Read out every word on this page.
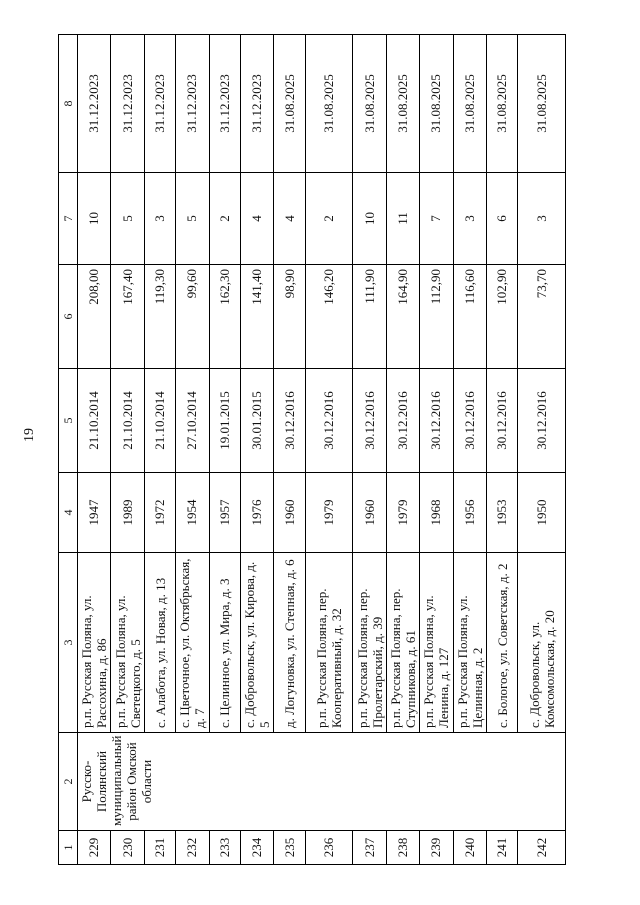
19
1	2	3	4	5	6	7	8
229	Русско-Полянский муниципальный район Омской области	р.п. Русская Поляна, ул. Рассохина, д. 86	1947	21.10.2014	208,00	10	31.12.2023
230		р.п. Русская Поляна, ул. Светецкого, д. 5	1989	21.10.2014	167,40	5	31.12.2023
231		с. Алабота, ул. Новая, д. 13	1972	21.10.2014	119,30	3	31.12.2023
232		с. Цветочное, ул. Октябрьская, д. 7	1954	27.10.2014	99,60	5	31.12.2023
233		с. Целинное, ул. Мира, д. 3	1957	19.01.2015	162,30	2	31.12.2023
234		с. Добровольск, ул. Кирова, д. 5	1976	30.01.2015	141,40	4	31.12.2023
235		д. Логуновка, ул. Степная, д. 6	1960	30.12.2016	98,90	4	31.08.2025
236		р.п. Русская Поляна, пер. Кооперативный, д. 32	1979	30.12.2016	146,20	2	31.08.2025
237		р.п. Русская Поляна, пер. Пролетарский, д. 39	1960	30.12.2016	111,90	10	31.08.2025
238		р.п. Русская Поляна, пер. Ступникова, д. 61	1979	30.12.2016	164,90	11	31.08.2025
239		р.п. Русская Поляна, ул. Ленина, д. 127	1968	30.12.2016	112,90	7	31.08.2025
240		р.п. Русская Поляна, ул. Целинная, д. 2	1956	30.12.2016	116,60	3	31.08.2025
241		с. Бологое, ул. Советская, д. 2	1953	30.12.2016	102,90	6	31.08.2025
242		с. Добровольск, ул. Комсомольская, д. 20	1950	30.12.2016	73,70	3	31.08.2025
